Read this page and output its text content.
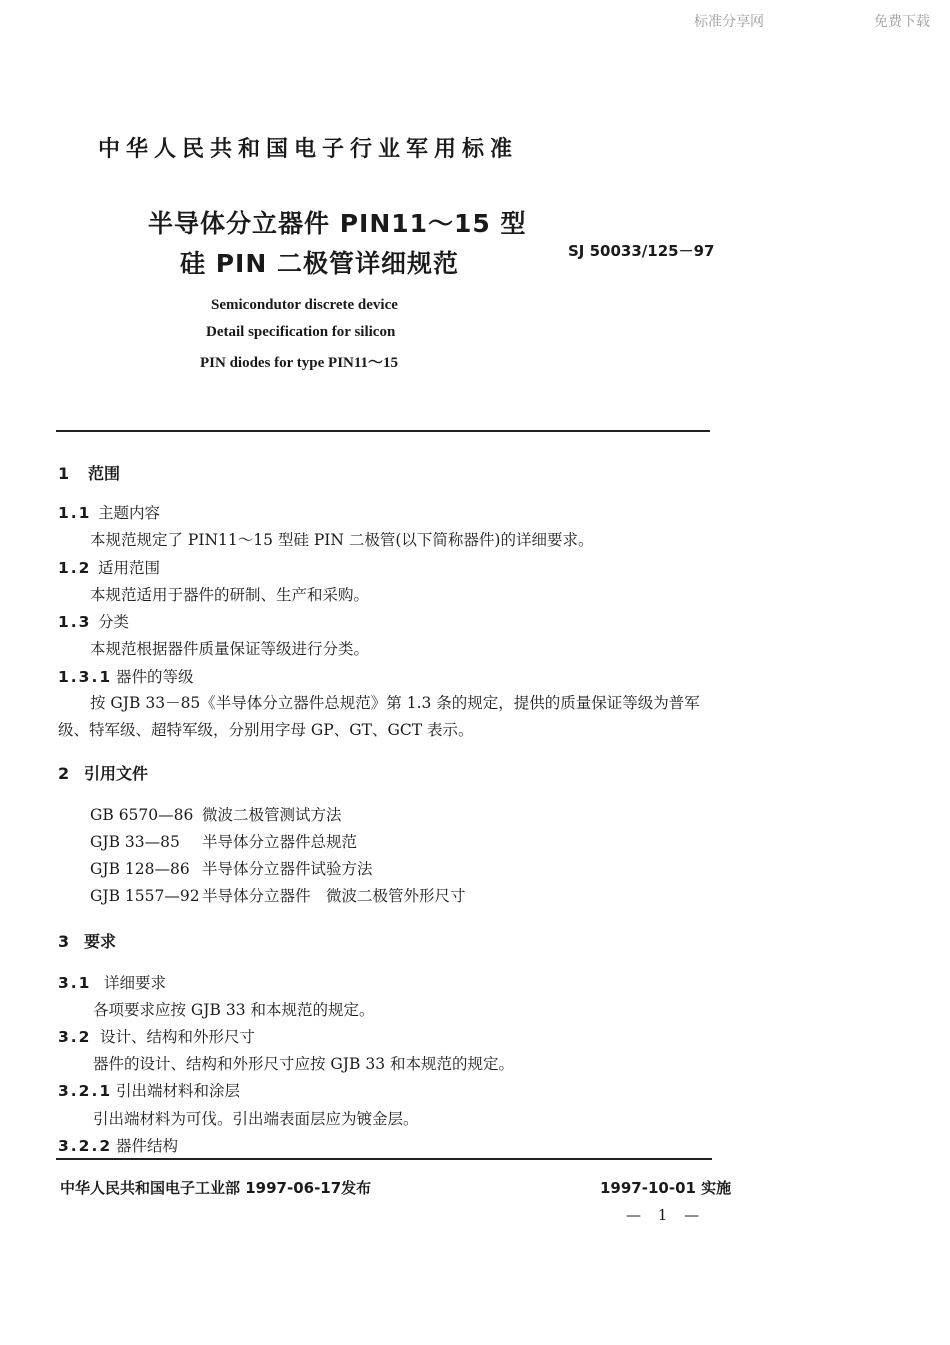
标准分享网	免费下载
中华人民共和国电子行业军用标准
半导体分立器件 PIN11～15 型
硅 PIN 二极管详细规范	SJ 50033/125－97
Semicondutor discrete device
Detail specification for silicon
PIN diodes for type PIN11～15
1 范围
1.1 主题内容
本规范规定了 PIN11～15 型硅 PIN 二极管(以下简称器件)的详细要求。
1.2 适用范围
本规范适用于器件的研制、生产和采购。
1.3 分类
本规范根据器件质量保证等级进行分类。
1.3.1 器件的等级
按 GJB 33－85《半导体分立器件总规范》第 1.3 条的规定，提供的质量保证等级为普军
级、特军级、超特军级，分别用字母 GP、GT、GCT 表示。
2 引用文件
GB 6570—86 微波二极管测试方法
GJB 33—85 半导体分立器件总规范
GJB 128—86 半导体分立器件试验方法
GJB 1557—92 半导体分立器件　微波二极管外形尺寸
3 要求
3.1 详细要求
各项要求应按 GJB 33 和本规范的规定。
3.2 设计、结构和外形尺寸
器件的设计、结构和外形尺寸应按 GJB 33 和本规范的规定。
3.2.1 引出端材料和涂层
引出端材料为可伐。引出端表面层应为镀金层。
3.2.2 器件结构
中华人民共和国电子工业部 1997-06-17发布	1997-10-01 实施
— 1 —
